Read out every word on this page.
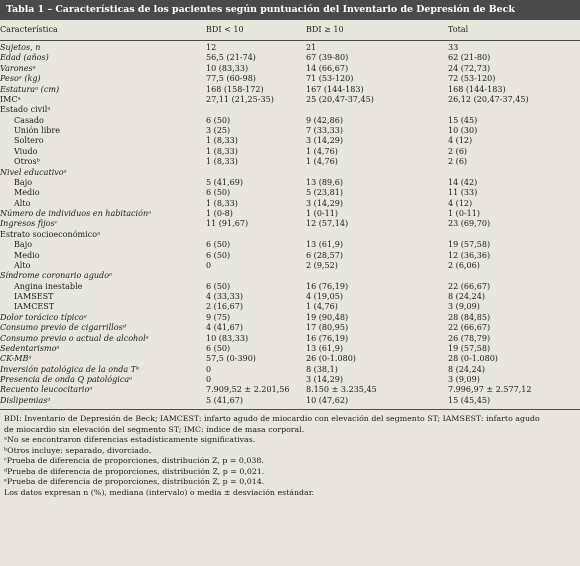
Tabla 1 – Características de los pacientes según puntuación del Inventario de Depresión de Beck
Característica	BDI < 10	BDI ≥ 10	Total
Sujetos, n	12	21	33
Edad (años)	56,5 (21-74)	67 (39-80)	62 (21-80)
Varonesᵃ	10 (83,33)	14 (66,67)	24 (72,73)
Pesoᵃ (kg)	77,5 (60-98)	71 (53-120)	72 (53-120)
Estaturaᵃ (cm)	168 (158-172)	167 (144-183)	168 (144-183)
IMCᵃ	27,11 (21,25-35)	25 (20,47-37,45)	26,12 (20,47-37,45)
Estado civilᵃ			
Casado	6 (50)	9 (42,86)	15 (45)
Unión libre	3 (25)	7 (33,33)	10 (30)
Soltero	1 (8,33)	3 (14,29)	4 (12)
Viudo	1 (8,33)	1 (4,76)	2 (6)
Otrosᵇ	1 (8,33)	1 (4,76)	2 (6)
Nivel educativoᵃ			
Bajo	5 (41,69)	13 (89,6)	14 (42)
Medio	6 (50)	5 (23,81)	11 (33)
Alto	1 (8,33)	3 (14,29)	4 (12)
Número de individuos en habitaciónᵃ	1 (0-8)	1 (0-11)	1 (0-11)
Ingresos fijosᶜ	11 (91,67)	12 (57,14)	23 (69,70)
Estrato socioeconómicoᵃ			
Bajo	6 (50)	13 (61,9)	19 (57,58)
Medio	6 (50)	6 (28,57)	12 (36,36)
Alto	0	2 (9,52)	2 (6,06)
Síndrome coronario agudoᵃ			
Angina inestable	6 (50)	16 (76,19)	22 (66,67)
IAMSEST	4 (33,33)	4 (19,05)	8 (24,24)
IAMCEST	2 (16,67)	1 (4,76)	3 (9,09)
Dolor torácico típicoᵃ	9 (75)	19 (90,48)	28 (84,85)
Consumo previo de cigarrillosᵈ	4 (41,67)	17 (80,95)	22 (66,67)
Consumo previo o actual de alcoholᵃ	10 (83,33)	16 (76,19)	26 (78,79)
Sedentarismoᵃ	6 (50)	13 (61,9)	19 (57,58)
CK-MBᵃ	57,5 (0-390)	26 (0-1.080)	28 (0-1.080)
Inversión patológica de la onda Tᵉ	0	8 (38,1)	8 (24,24)
Presencia de onda Q patológicaᵃ	0	3 (14,29)	3 (9,09)
Recuento leucocitarioᵃ	7.909,52 ± 2.201,56	8.150 ± 3.235,45	7.996,97 ± 2.577,12
Dislipemiasᵃ	5 (41,67)	10 (47,62)	15 (45,45)
BDI: Inventario de Depresión de Beck; IAMCEST: infarto agudo de miocardio con elevación del segmento ST; IAMSEST: infarto agudo
de miocardio sin elevación del segmento ST; IMC: índice de masa corporal.
ᵃNo se encontraron diferencias estadísticamente significativas.
ᵇOtros incluye: separado, divorciado.
ᶜPrueba de diferencia de proporciones, distribución Z, p = 0,038.
ᵈPrueba de diferencia de proporciones, distribución Z, p = 0,021.
ᵉPrueba de diferencia de proporciones, distribución Z, p = 0,014.
Los datos expresan n (%), mediana (intervalo) o media ± desviación estándar.
